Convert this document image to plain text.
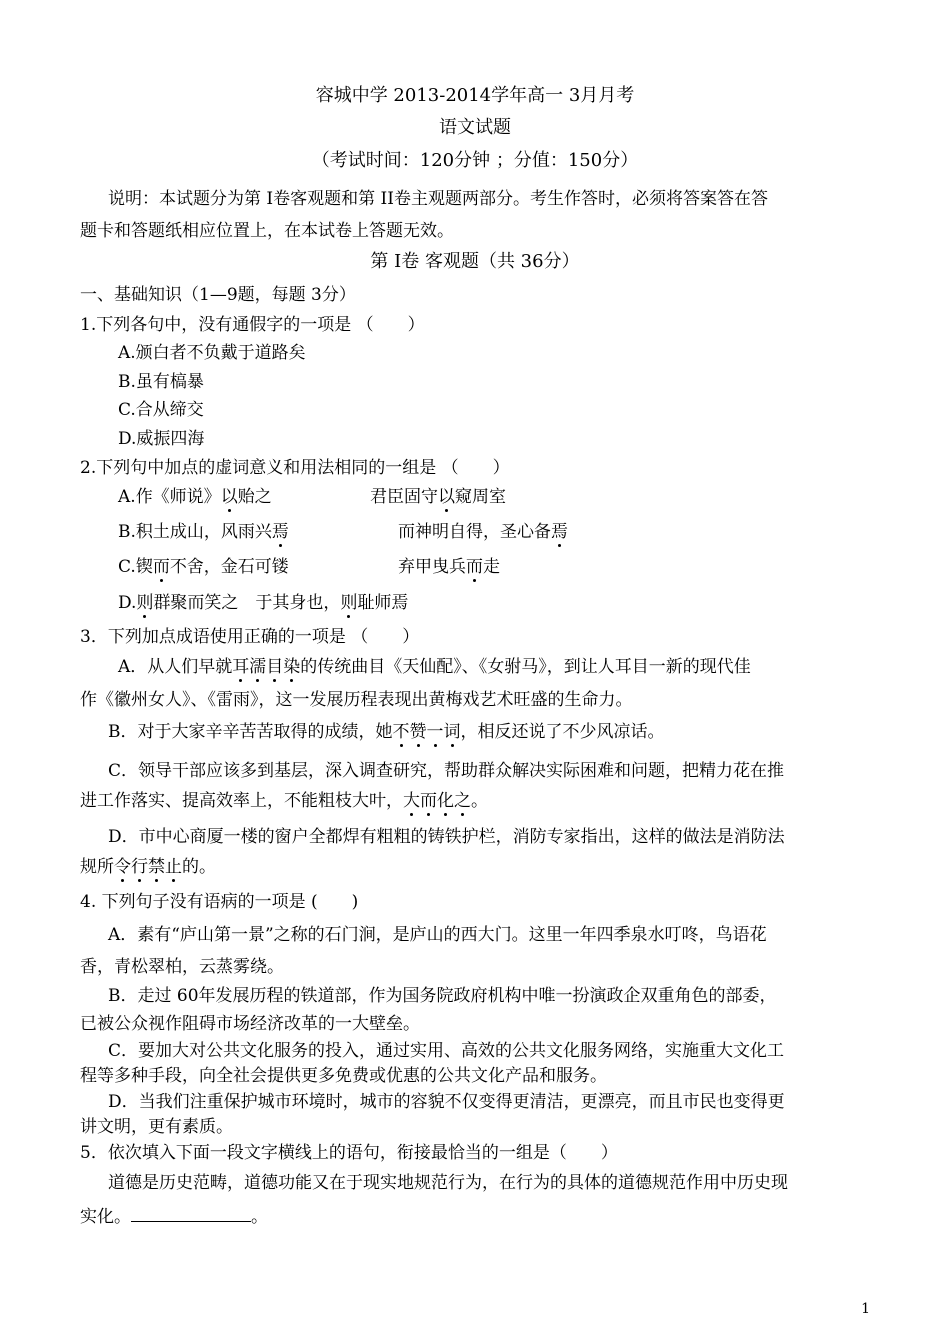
容城中学 2013-2014学年高一 3月月考
语文试题
（考试时间：120分钟 ；分值：150分）
说明：本试题分为第 I卷客观题和第 II卷主观题两部分。考生作答时，必须将答案答在答
题卡和答题纸相应位置上，在本试卷上答题无效。
第 I卷 客观题（共 36分）
一、基础知识（1—9题，每题 3分）
1.下列各句中，没有通假字的一项是 （　　）
A.颁白者不负戴于道路矣
B.虽有槁暴
C.合从缔交
D.威振四海
2.下列句中加点的虚词意义和用法相同的一组是 （　　）
A.作《师说》以贻之	君臣固守以窥周室
B.积土成山，风雨兴焉	而神明自得，圣心备焉
C.锲而不舍，金石可镂	弃甲曳兵而走
D.则群聚而笑之　于其身也，则耻师焉
3．下列加点成语使用正确的一项是 （　　）
A．从人们早就耳濡目染的传统曲目《天仙配》、《女驸马》，到让人耳目一新的现代佳
作《徽州女人》、《雷雨》，这一发展历程表现出黄梅戏艺术旺盛的生命力。
B．对于大家辛辛苦苦取得的成绩，她不赞一词，相反还说了不少风凉话。
C．领导干部应该多到基层，深入调查研究，帮助群众解决实际困难和问题，把精力花在推
进工作落实、提高效率上，不能粗枝大叶，大而化之。
D．市中心商厦一楼的窗户全都焊有粗粗的铸铁护栏，消防专家指出，这样的做法是消防法
规所令行禁止的。
4. 下列句子没有语病的一项是 (　　)
A．素有“庐山第一景”之称的石门涧，是庐山的西大门。这里一年四季泉水叮咚，鸟语花
香，青松翠柏，云蒸雾绕。
B．走过 60年发展历程的铁道部，作为国务院政府机构中唯一扮演政企双重角色的部委，
已被公众视作阻碍市场经济改革的一大壁垒。
C．要加大对公共文化服务的投入，通过实用、高效的公共文化服务网络，实施重大文化工
程等多种手段，向全社会提供更多免费或优惠的公共文化产品和服务。
D．当我们注重保护城市环境时，城市的容貌不仅变得更清洁，更漂亮，而且市民也变得更
讲文明，更有素质。
5．依次填入下面一段文字横线上的语句，衔接最恰当的一组是（　　）
道德是历史范畴，道德功能又在于现实地规范行为，在行为的具体的道德规范作用中历史现
实化。	。
1
